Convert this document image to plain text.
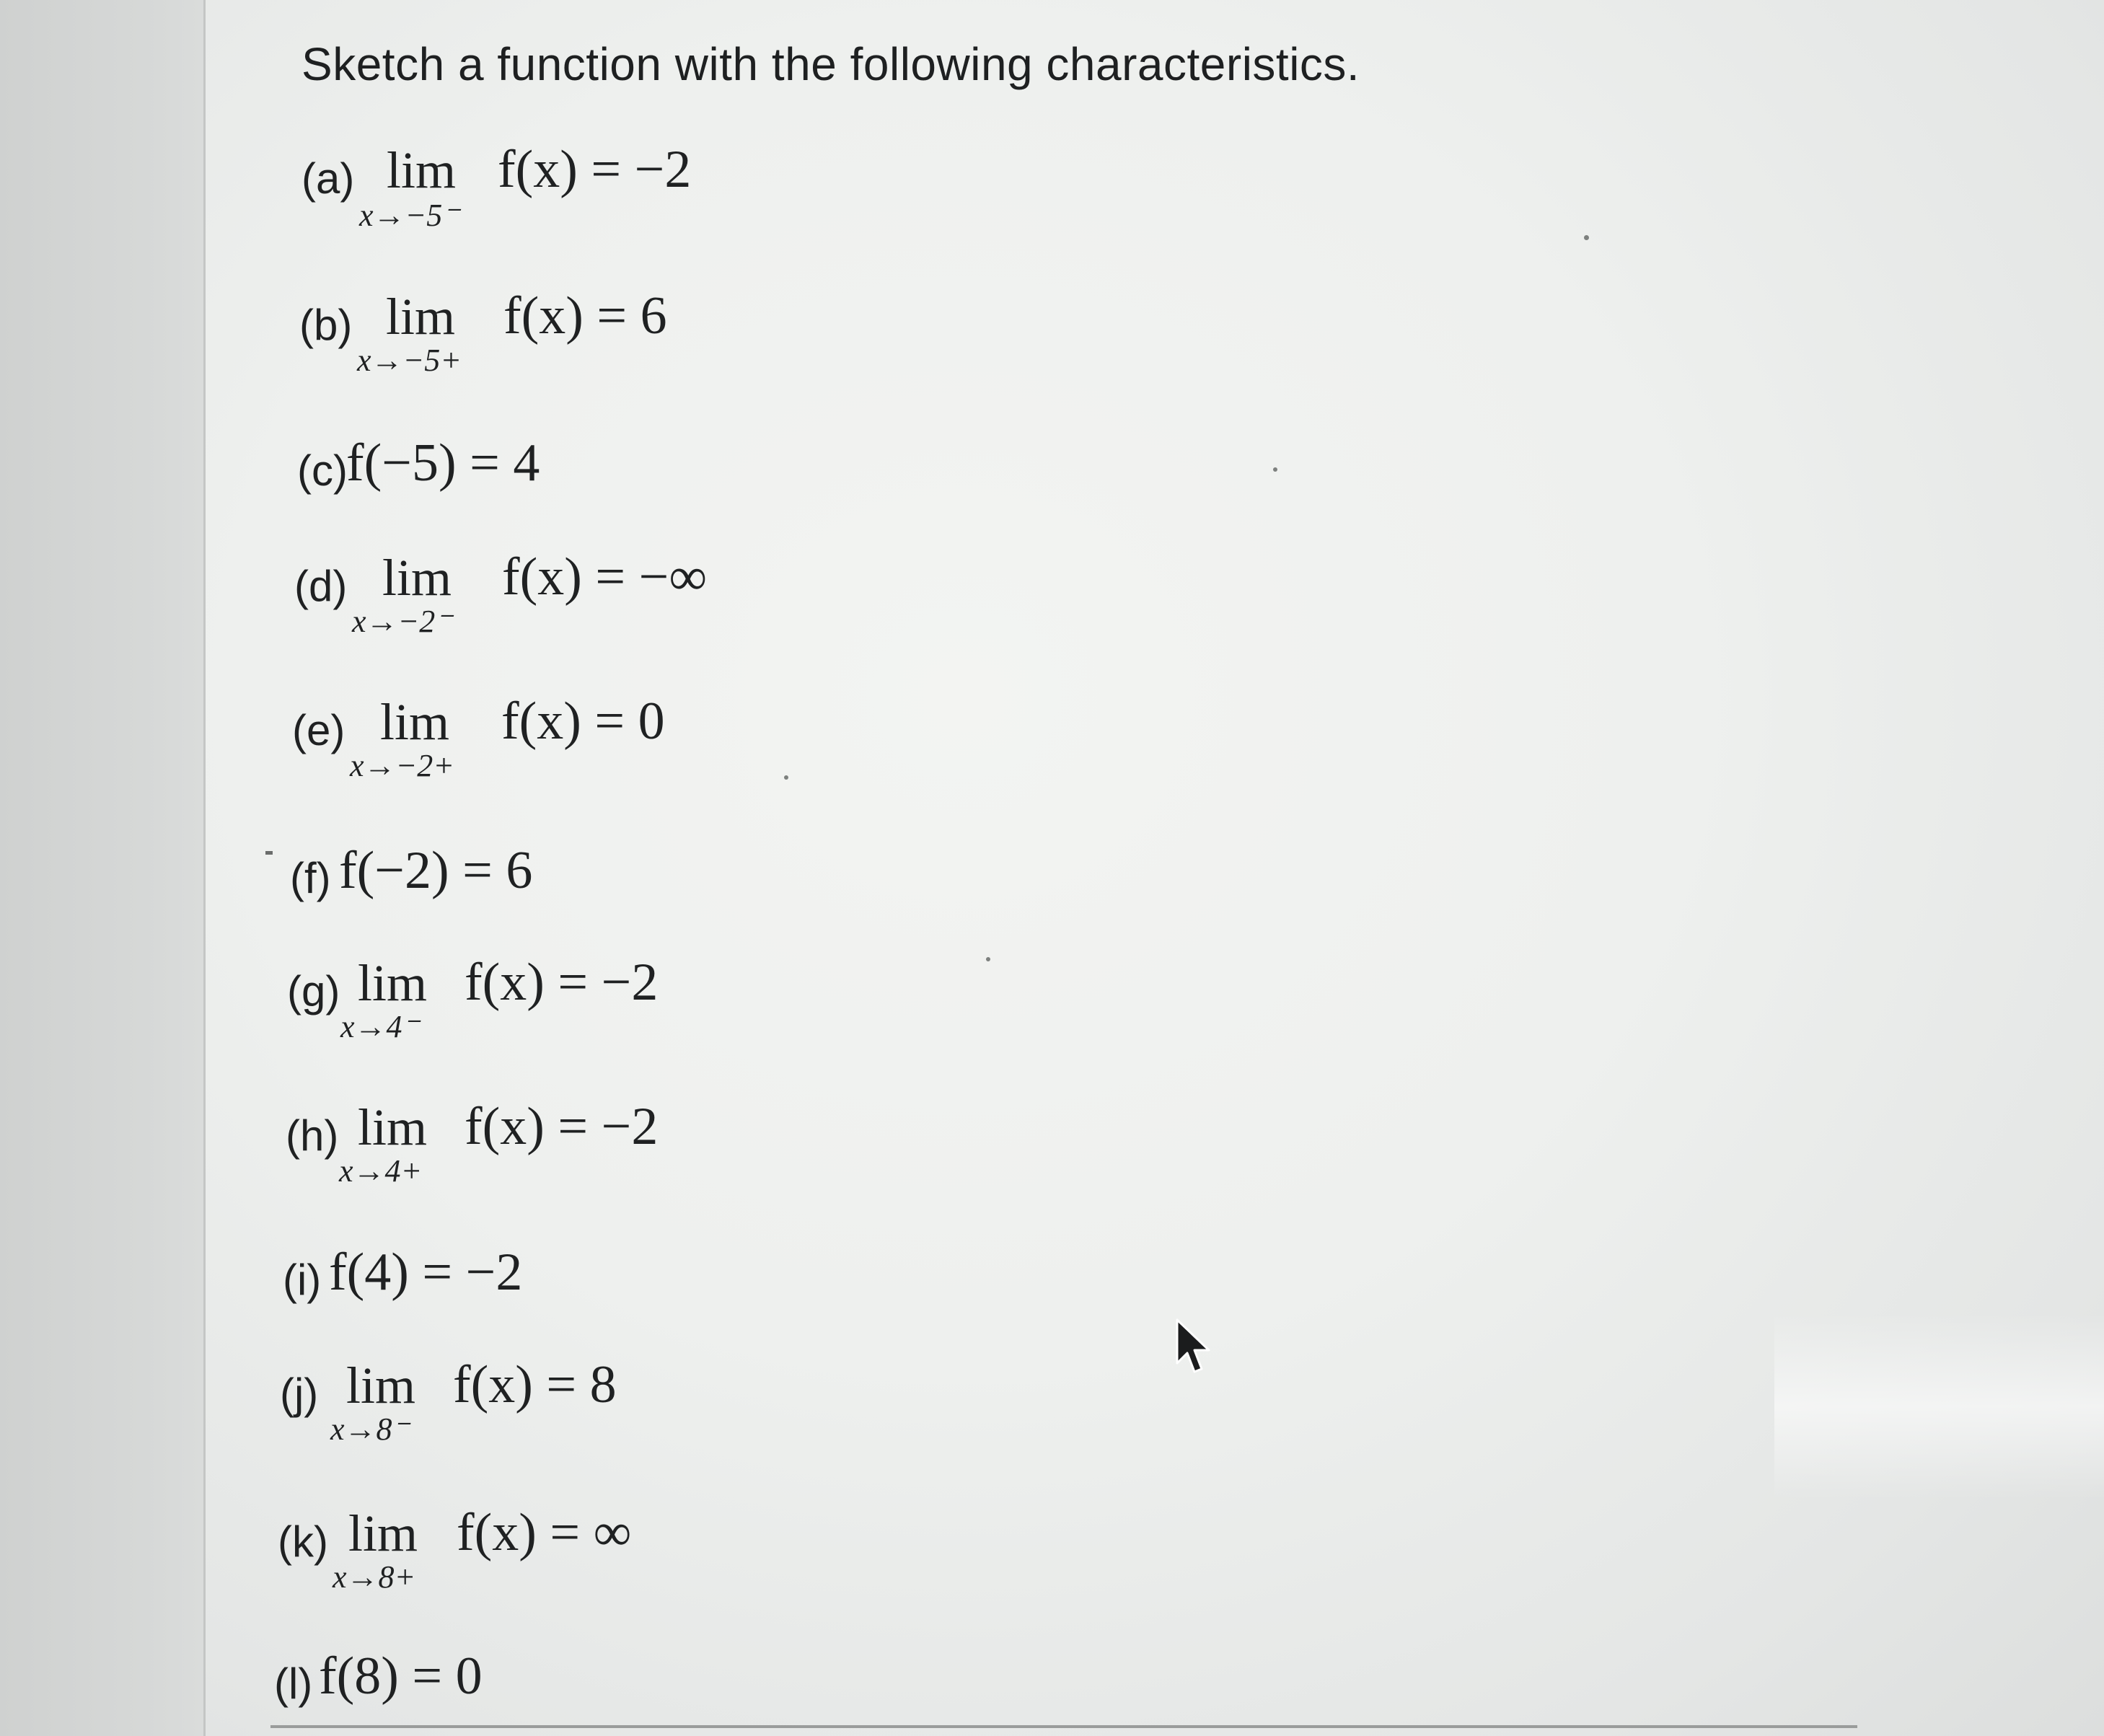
Sketch a function with the following characteristics.
(a) lim
x→−5⁻
f(x) = −2
(b) lim
x→−5+
f(x) = 6
(c)
f(−5) = 4
(d) lim
x→−2⁻
f(x) = −∞
(e) lim
x→−2+
f(x) = 0
(f) f(−2) = 6
(g) lim
x→4⁻
f(x) = −2
(h) lim
x→4+
f(x) = −2
(i) f(4) = −2
(j) lim
x→8⁻
f(x) = 8
(k) lim
x→8+
f(x) = ∞
(l) f(8) = 0
